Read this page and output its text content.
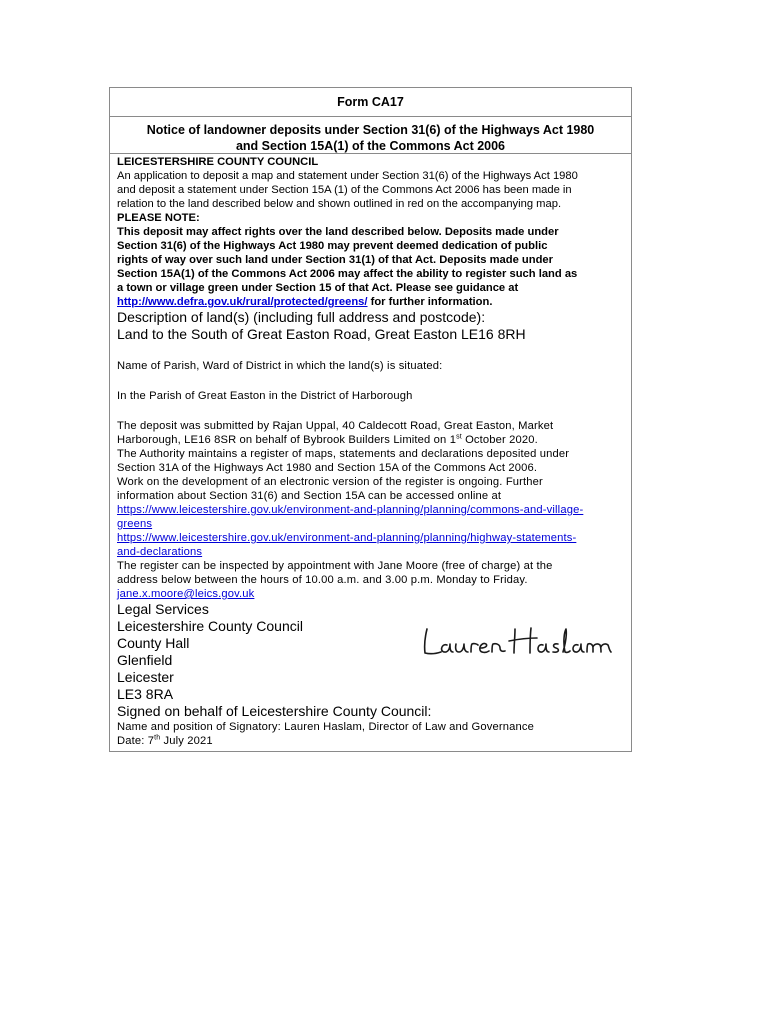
Form CA17

Notice of landowner deposits under Section 31(6) of the Highways Act 1980

and Section 15A(1) of the Commons Act 2006

LEICESTERSHIRE COUNTY COUNCIL

An application to deposit a map and statement under Section 31(6) of the Highways Act 1980

and deposit a statement under Section 15A (1) of the Commons Act 2006 has been made in

relation to the land described below and shown outlined in red on the accompanying map.

PLEASE NOTE:

This deposit may affect rights over the land described below. Deposits made under

Section 31(6) of the Highways Act 1980 may prevent deemed dedication of public

rights of way over such land under Section 31(1) of that Act. Deposits made under

Section 15A(1) of the Commons Act 2006 may affect the ability to register such land as

a town or village green under Section 15 of that Act. Please see guidance at

http://www.defra.gov.uk/rural/protected/greens/ for further information.

Description of land(s) (including full address and postcode):

Land to the South of Great Easton Road, Great Easton LE16 8RH

Name of Parish, Ward of District in which the land(s) is situated:

In the Parish of Great Easton in the District of Harborough

The deposit was submitted by Rajan Uppal, 40 Caldecott Road, Great Easton, Market

Harborough, LE16 8SR on behalf of Bybrook Builders Limited on 1st October 2020.

The Authority maintains a register of maps, statements and declarations deposited under

Section 31A of the Highways Act 1980 and Section 15A of the Commons Act 2006.

Work on the development of an electronic version of the register is ongoing. Further

information about Section 31(6) and Section 15A can be accessed online at

https://www.leicestershire.gov.uk/environment-and-planning/planning/commons-and-village-

greens

https://www.leicestershire.gov.uk/environment-and-planning/planning/highway-statements-

and-declarations

The register can be inspected by appointment with Jane Moore (free of charge) at the

address below between the hours of 10.00 a.m. and 3.00 p.m. Monday to Friday.

jane.x.moore@leics.gov.uk

Legal Services

Leicestershire County Council

County Hall

Glenfield

Leicester

LE3 8RA

Signed on behalf of Leicestershire County Council:

Name and position of Signatory: Lauren Haslam, Director of Law and Governance

Date: 7th July 2021
